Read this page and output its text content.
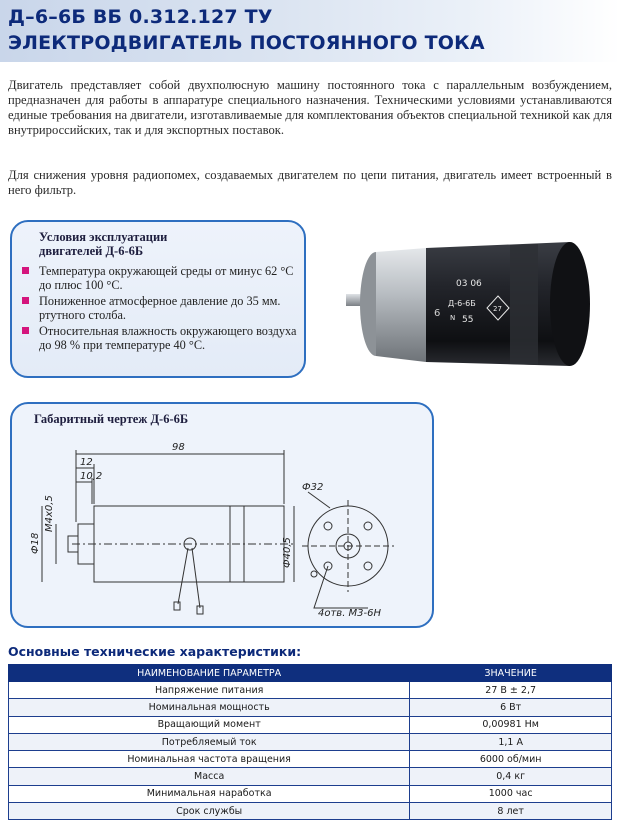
Д–6–6Б ВБ 0.312.127 ТУ
ЭЛЕКТРОДВИГАТЕЛЬ ПОСТОЯННОГО ТОКА

Двигатель представляет собой двухполюсную машину постоянного тока с параллельным возбуждением, предназначен для работы в аппаратуре специального назначения. Техническими условиями устанавливаются единые требования на двигатели, изготавливаемые для комплектования объектов специальной техникой как для внутрироссийских, так и для экспортных поставок.

Для снижения уровня радиопомех, создаваемых двигателем по цепи питания, двигатель имеет встроенный в него фильтр.

Условия эксплуатации
двигателей Д-6-6Б
Температура окружающей среды от минус 62 °С до плюс 100 °С.
Пониженное атмосферное давление до 35 мм. ртутного столба.
Относительная влажность окружающего воздуха до 98 % при температуре 40 °С.
03 06
Д-6-6Б
N 55
6	27
Габаритный чертеж Д-6-6Б
98
12
10,2
Ф18
М4х0,5
Ф40,5
Ф32
4отв. М3-6Н
Основные технические характеристики:
НАИМЕНОВАНИЕ ПАРАМЕТРА	ЗНАЧЕНИЕ
Напряжение питания	27 В ± 2,7
Номинальная мощность	6 Вт
Вращающий момент	0,00981 Нм
Потребляемый ток	1,1 А
Номинальная частота вращения	6000 об/мин
Масса	0,4 кг
Минимальная наработка	1000 час
Срок службы	8 лет
